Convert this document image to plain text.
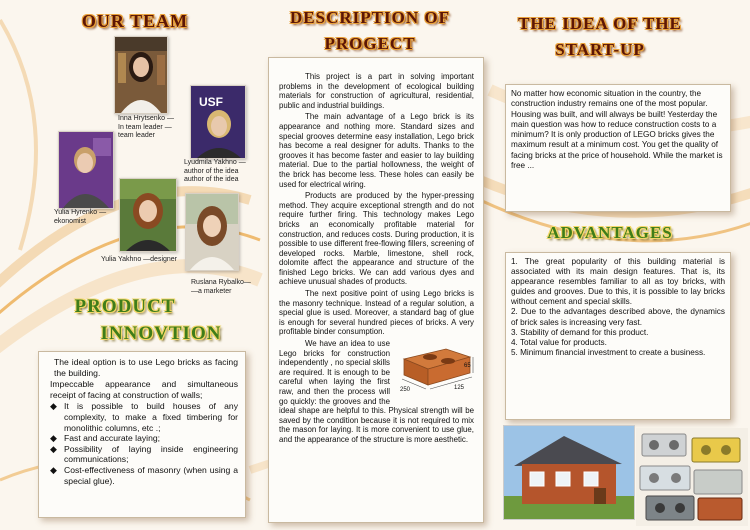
OUR TEAM
Inna Hrytsenko —
In team leader —
team leader
USF
Lyudmila Yakhno —
author of the idea
author of the idea
Yulia Hyrenko —
ekonomist
Yulia Yakhno —designer
Ruslana Rybalko—
—a marketer
PRODUCT
INNOVTION

The ideal option is to use Lego bricks as facing the building.

Impeccable appearance and simultaneous receipt of facing at construction of walls;

◆ It is possible to build houses of any complexity, to make a fixed timbering for monolithic columns, etc .;
◆ Fast and accurate laying;
◆ Possibility of laying inside engineering communications;
◆ Cost-effectiveness of masonry (when using a special glue).
DESCRIPTION OF
PROGECT

This project is a part in solving important problems in the development of ecological building materials for construction of agricultural, residential, public and industrial buildings.

The main advantage of a Lego brick is its appearance and nothing more. Standard sizes and special grooves determine easy installation, Lego brick has become a real designer for adults. Thanks to the grooves it has become faster and easier to lay building material. Due to the partial hollowness, the weight of the brick has become less. These holes can easily be used for electrical wiring.

Products are produced by the hyper-pressing method. They acquire exceptional strength and do not require further firing. This technology makes Lego bricks an economically profitable material for construction, and reduces costs. During production, it is possible to use different free-flowing fillers, screening of developed rocks. Marble, limestone, shell rock, dolomite affect the appearance and structure of the finished Lego bricks. We can add various dyes and achieve unusual shades of products.

The next positive point of using Lego bricks is the masonry technique. Instead of a regular solution, a special glue is used. Moreover, a standard bag of glue is enough for several hundred pieces of bricks. A very profitable binder consumption.

250	125
65

We have an idea to use Lego bricks for construction independently , no special skills are required. It is enough to be careful when laying the first raw, and then the process will go quickly: the grooves and the ideal shape are helpful to this. Physical strength will be saved by the condition because it is not required to mix the mason for laying. It is more convenient to use glue, and the appearance of the structure is more aesthetic.

THE IDEA OF THE
START-UP

No matter how economic situation in the country, the construction industry remains one of the most popular. Housing was built, and will always be built! Yesterday the main question was how to reduce construction costs to a minimum? It is only production of LEGO bricks gives the maximum result at a minimum cost. You get the quality of facing bricks at the price of household. While the market is free ...

ADVANTAGES

1. The great popularity of this building material is associated with its main design features. That is, its appearance resembles familiar to all as toy bricks, with guides and grooves. Due to this, it is possible to lay bricks without cement and special skills.

2. Due to the advantages described above, the dynamics of brick sales is increasing very fast.

3. Stability of demand for this product.

4. Total value for products.

5. Minimum financial investment to create a business.
